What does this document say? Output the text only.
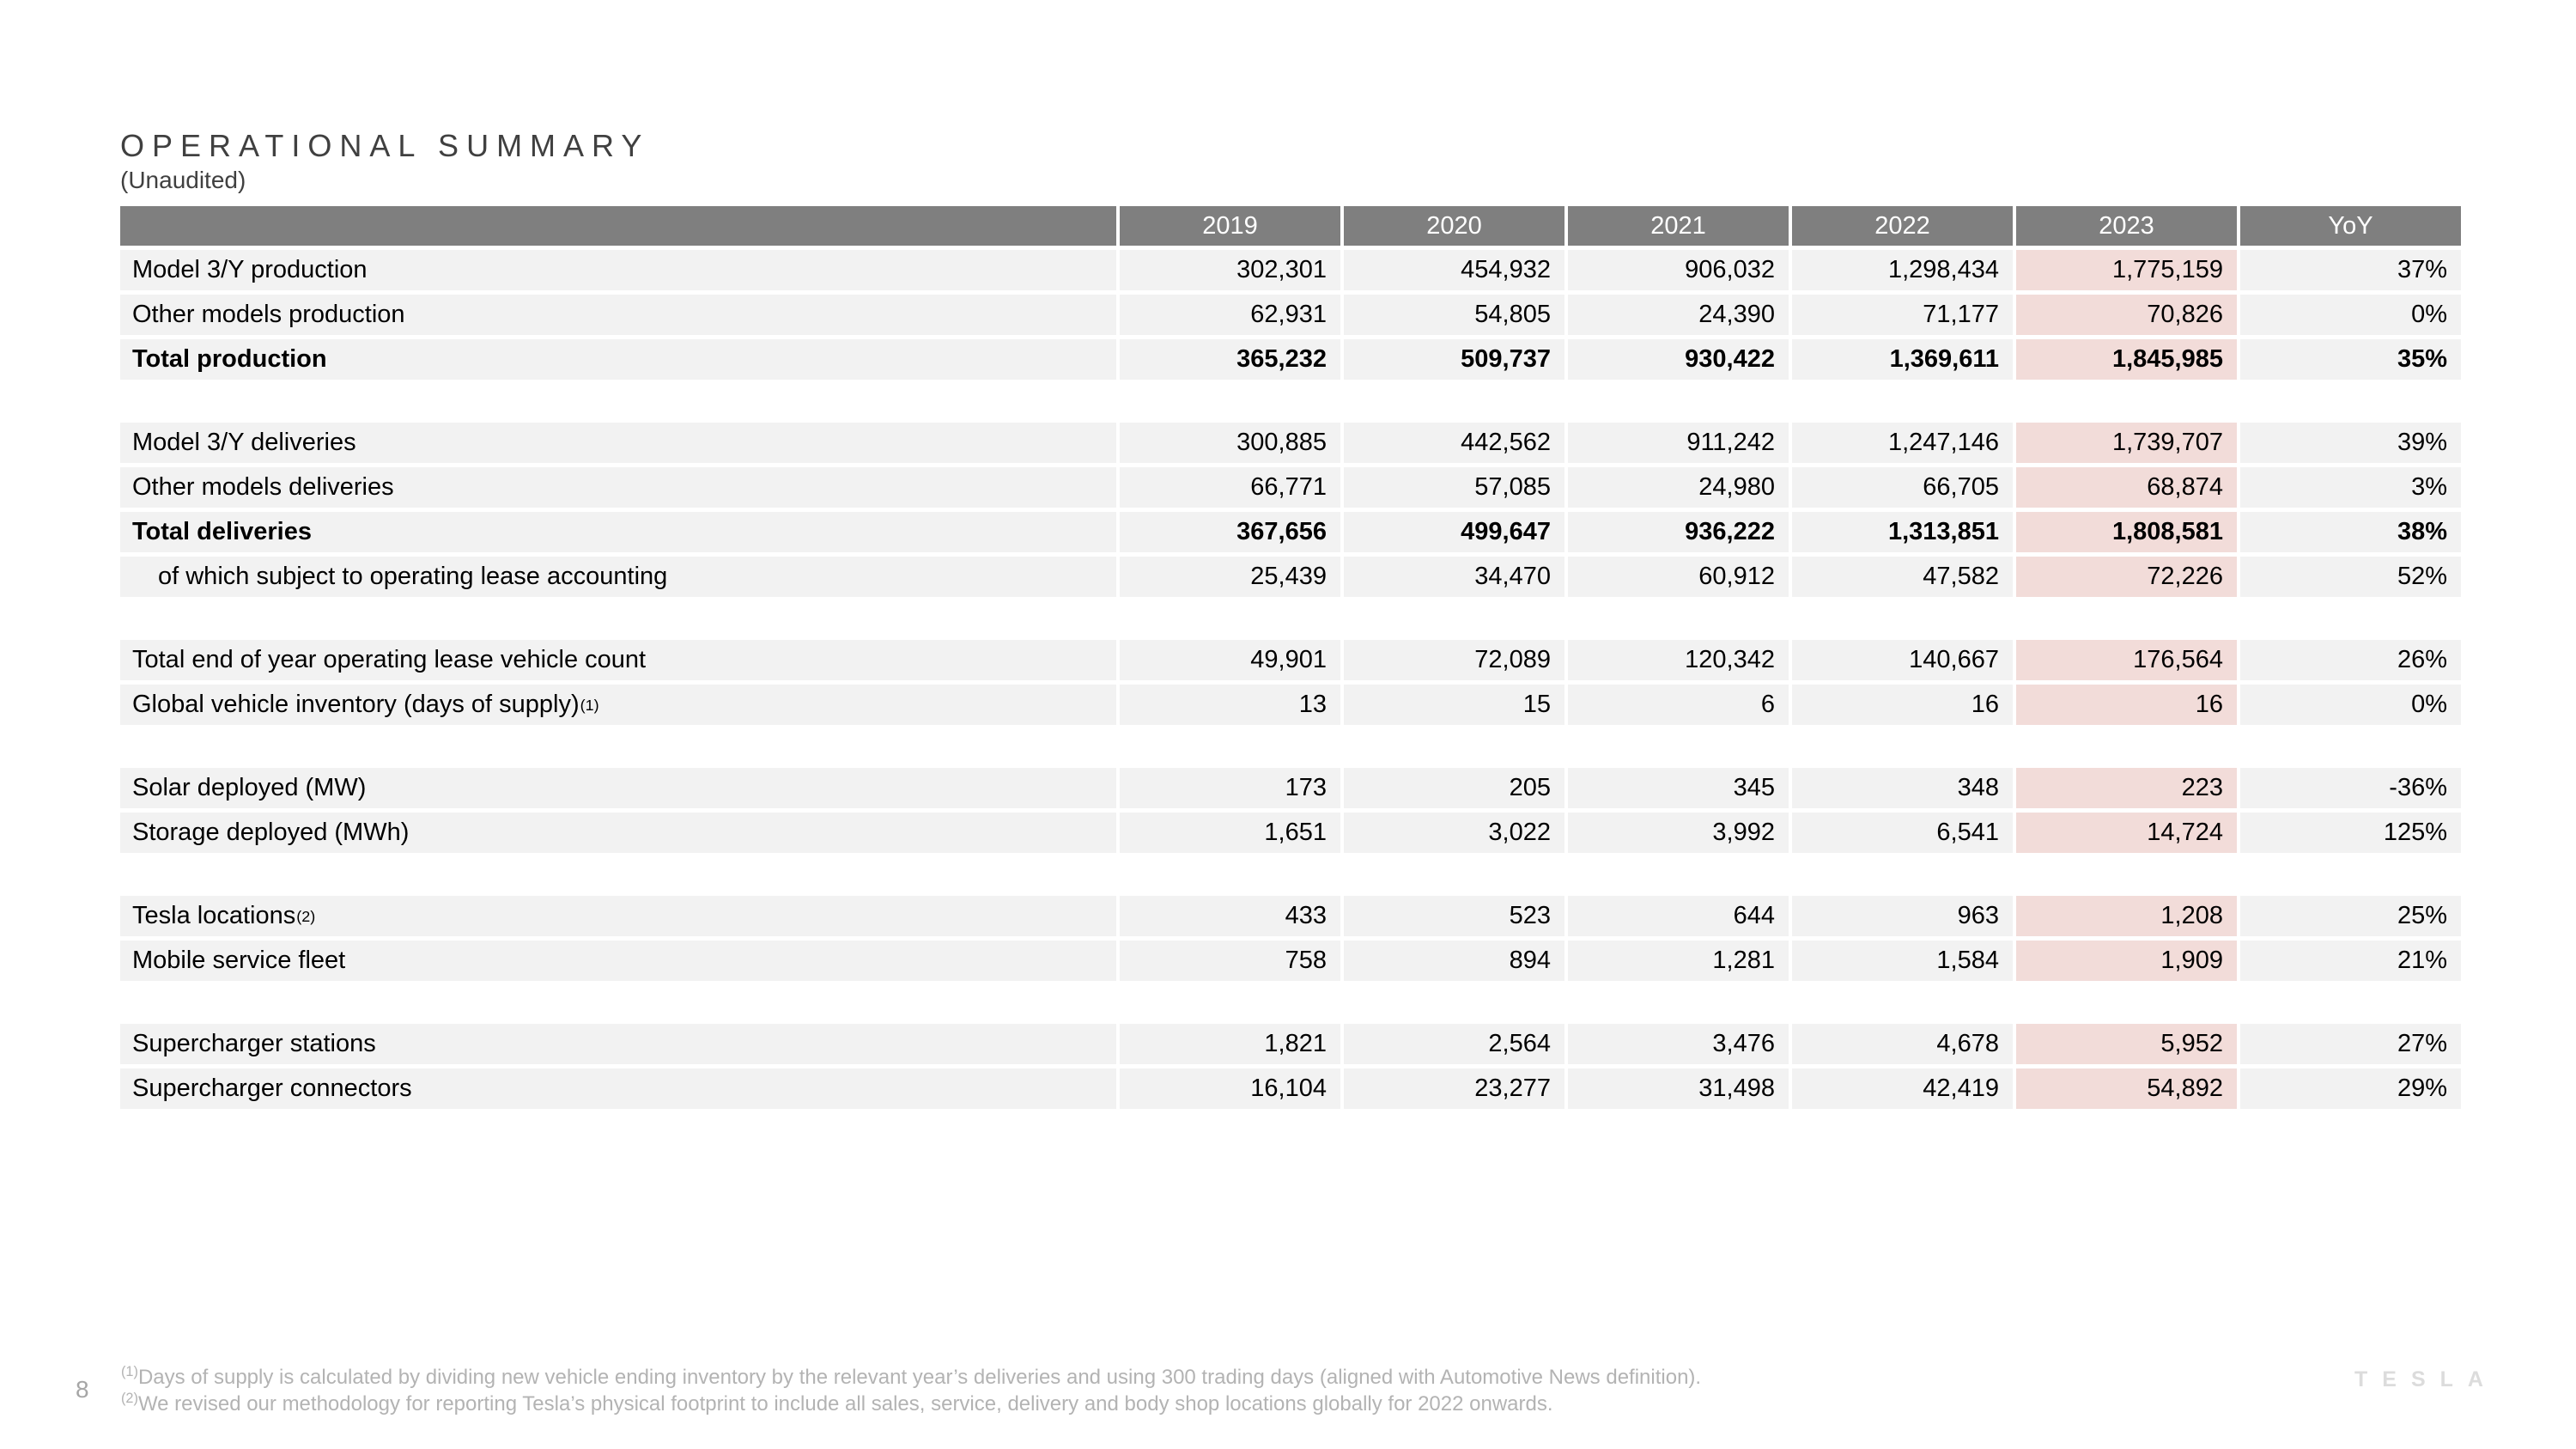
OPERATIONAL SUMMARY
(Unaudited)
2019	2020	2021	2022	2023	YoY
Model 3/Y production	302,301	454,932	906,032	1,298,434	1,775,159	37%
Other models production	62,931	54,805	24,390	71,177	70,826	0%
Total production	365,232	509,737	930,422	1,369,611	1,845,985	35%
Model 3/Y deliveries	300,885	442,562	911,242	1,247,146	1,739,707	39%
Other models deliveries	66,771	57,085	24,980	66,705	68,874	3%
Total deliveries	367,656	499,647	936,222	1,313,851	1,808,581	38%
of which subject to operating lease accounting	25,439	34,470	60,912	47,582	72,226	52%
Total end of year operating lease vehicle count	49,901	72,089	120,342	140,667	176,564	26%
Global vehicle inventory (days of supply) (1)	13	15	6	16	16	0%
Solar deployed (MW)	173	205	345	348	223	-36%
Storage deployed (MWh)	1,651	3,022	3,992	6,541	14,724	125%
Tesla locations (2)	433	523	644	963	1,208	25%
Mobile service fleet	758	894	1,281	1,584	1,909	21%
Supercharger stations	1,821	2,564	3,476	4,678	5,952	27%
Supercharger connectors	16,104	23,277	31,498	42,419	54,892	29%
8
$^{(1)}$Days of supply is calculated by dividing new vehicle ending inventory by the relevant year’s deliveries and using 300 trading days (aligned with Automotive News definition).
$^{(2)}$We revised our methodology for reporting Tesla’s physical footprint to include all sales, service, delivery and body shop locations globally for 2022 onwards.
TESLA
